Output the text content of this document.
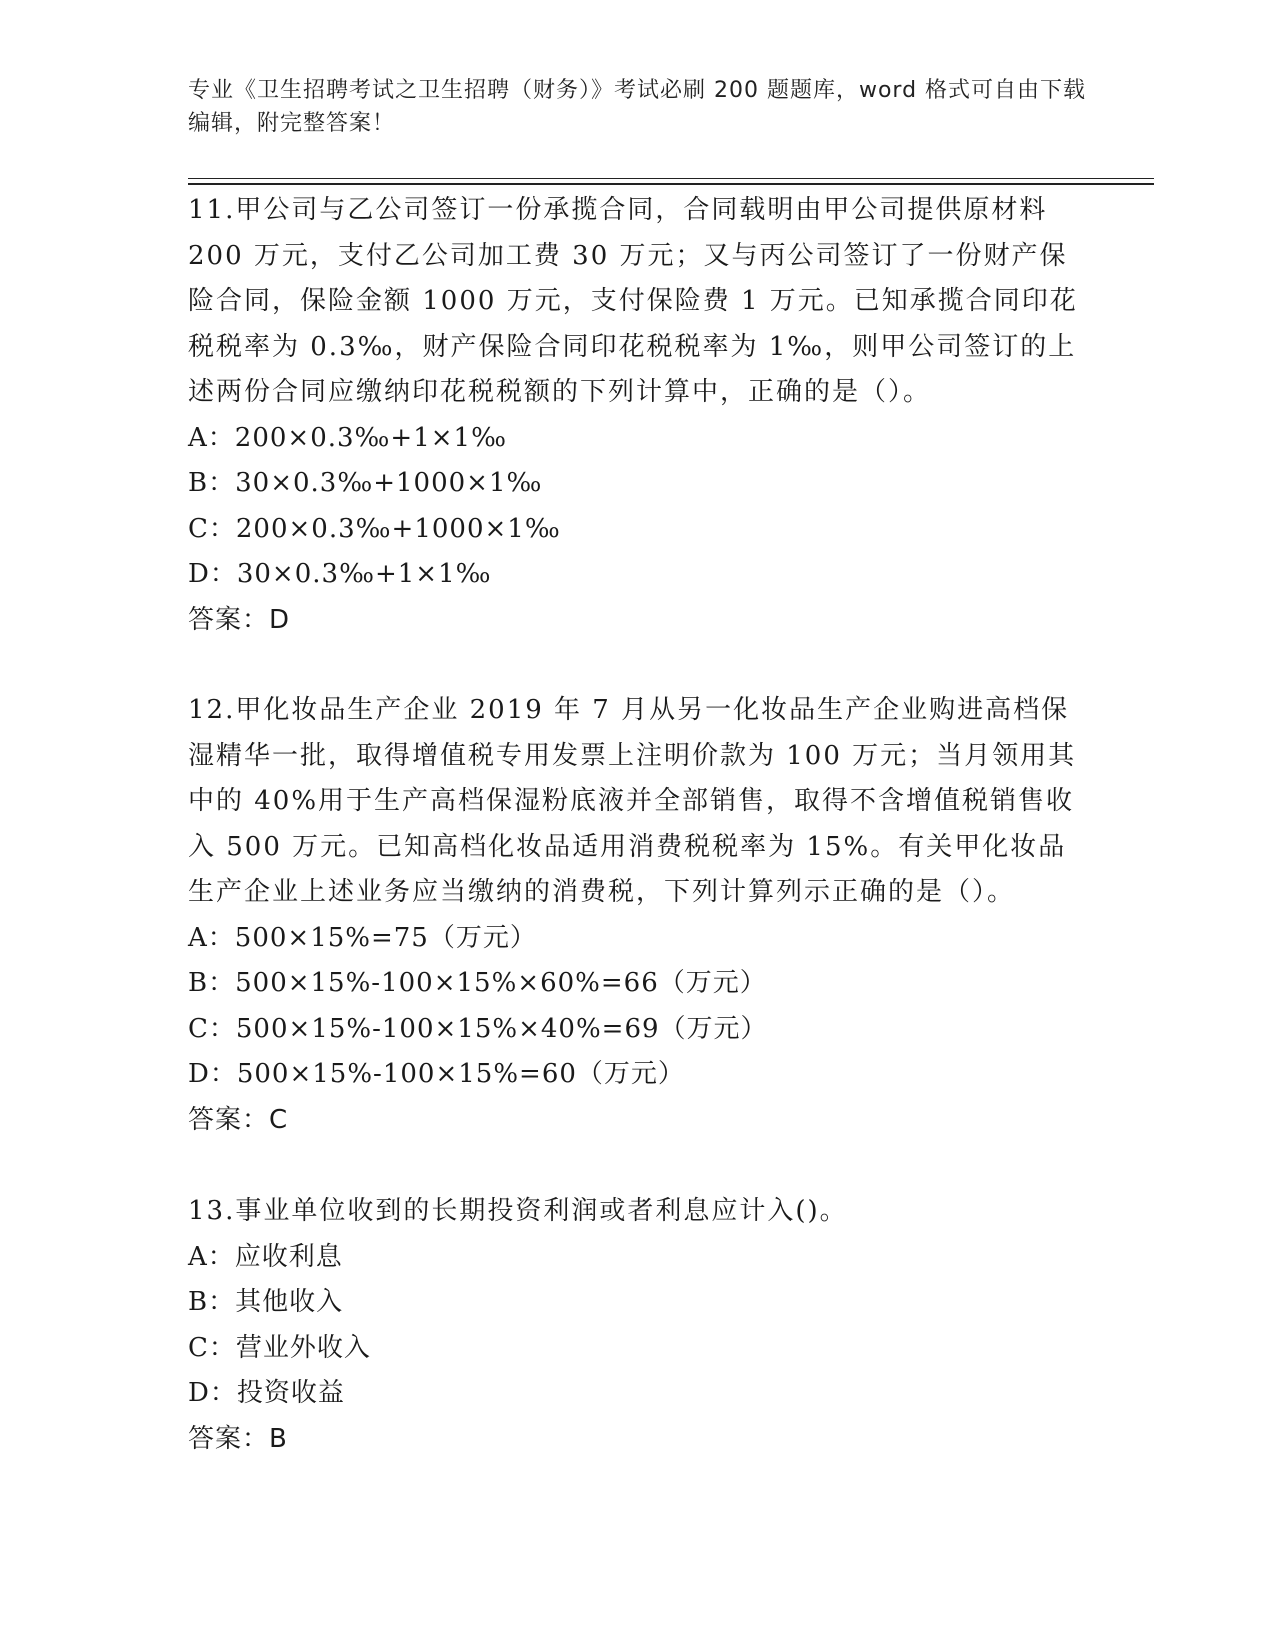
专业《卫生招聘考试之卫生招聘（财务）》考试必刷 200 题题库，word 格式可自由下载编辑，附完整答案！

11.甲公司与乙公司签订一份承揽合同，合同载明由甲公司提供原材料 200 万元，支付乙公司加工费 30 万元；又与丙公司签订了一份财产保险合同，保险金额 1000 万元，支付保险费 1 万元。已知承揽合同印花税税率为 0.3‰，财产保险合同印花税税率为 1‰，则甲公司签订的上述两份合同应缴纳印花税税额的下列计算中，正确的是（）。

A：200×0.3‰+1×1‰

B：30×0.3‰+1000×1‰

C：200×0.3‰+1000×1‰

D：30×0.3‰+1×1‰

答案：D

12.甲化妆品生产企业 2019 年 7 月从另一化妆品生产企业购进高档保湿精华一批，取得增值税专用发票上注明价款为 100 万元；当月领用其中的 40%用于生产高档保湿粉底液并全部销售，取得不含增值税销售收入 500 万元。已知高档化妆品适用消费税税率为 15%。有关甲化妆品生产企业上述业务应当缴纳的消费税，下列计算列示正确的是（）。

A：500×15%=75（万元）

B：500×15%-100×15%×60%=66（万元）

C：500×15%-100×15%×40%=69（万元）

D：500×15%-100×15%=60（万元）

答案：C

13.事业单位收到的长期投资利润或者利息应计入()。

A：应收利息

B：其他收入

C：营业外收入

D：投资收益

答案：B
